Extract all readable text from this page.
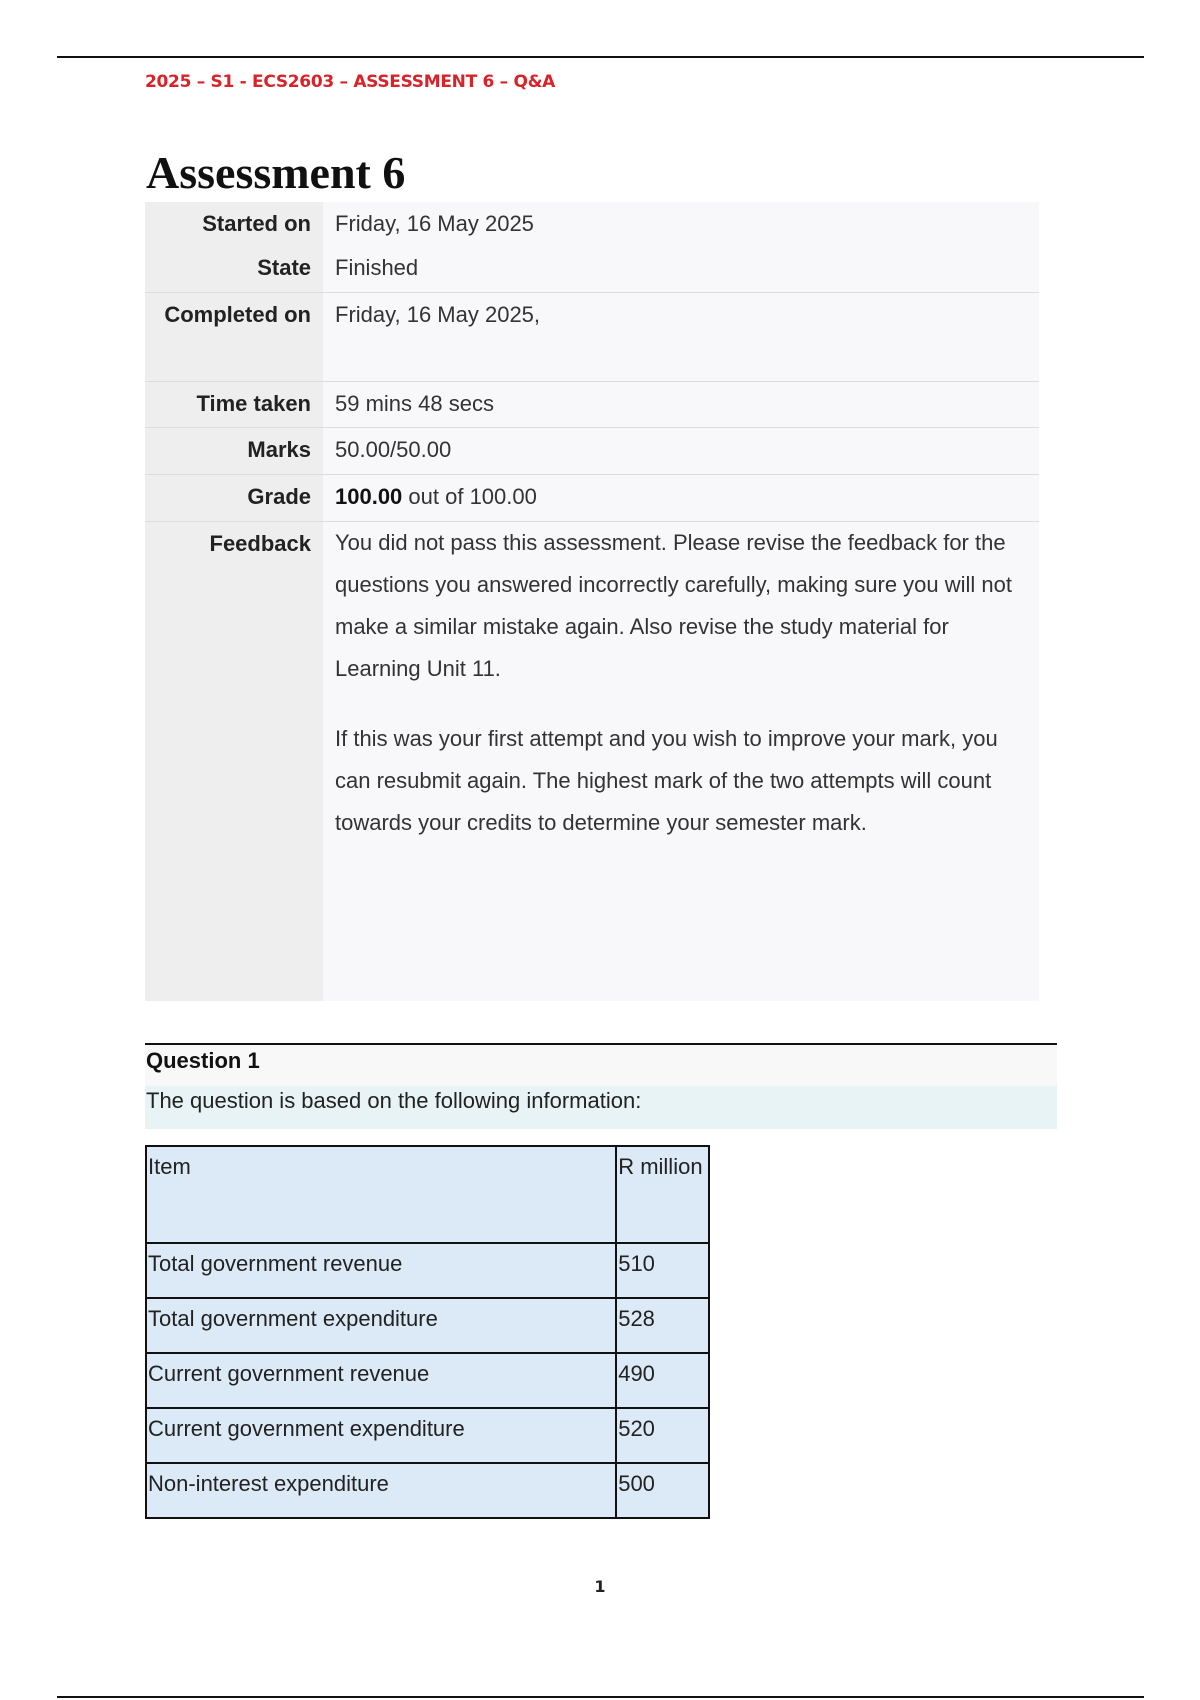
2025 – S1 - ECS2603 – ASSESSMENT 6 – Q&A
Assessment 6
Started on	Friday, 16 May 2025
State	Finished
Completed on	Friday, 16 May 2025,
Time taken	59 mins 48 secs
Marks	50.00/50.00
Grade	100.00 out of 100.00
Feedback	You did not pass this assessment. Please revise the feedback for the questions you answered incorrectly carefully, making sure you will not make a similar mistake again. Also revise the study material for Learning Unit 11.

If this was your first attempt and you wish to improve your mark, you can resubmit again. The highest mark of the two attempts will count towards your credits to determine your semester mark.

Question 1
The question is based on the following information:
Item	R million
Total government revenue	510
Total government expenditure	528
Current government revenue	490
Current government expenditure	520
Non-interest expenditure	500
1
